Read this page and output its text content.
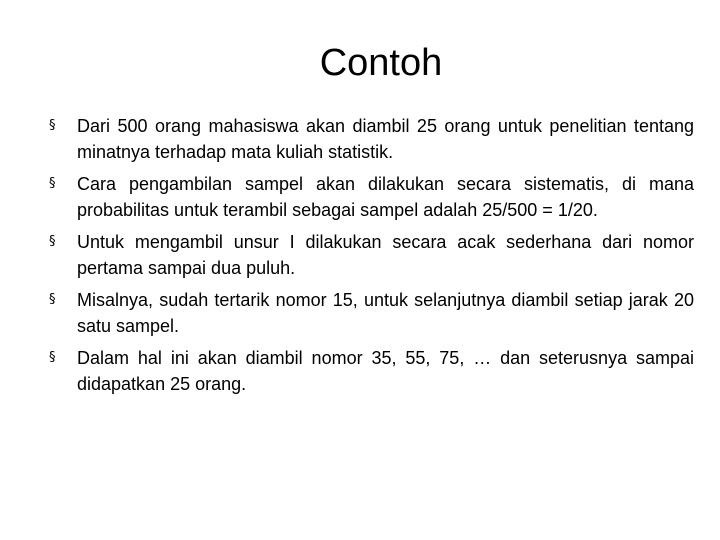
Contoh
§ Dari 500 orang mahasiswa akan diambil 25 orang untuk penelitian tentang minatnya terhadap mata kuliah statistik.
§ Cara pengambilan sampel akan dilakukan secara sistematis, di mana probabilitas untuk terambil sebagai sampel adalah 25/500 = 1/20.
§ Untuk mengambil unsur I dilakukan secara acak sederhana dari nomor pertama sampai dua puluh.
§ Misalnya, sudah tertarik nomor 15, untuk selanjutnya diambil setiap jarak 20 satu sampel.
§ Dalam hal ini akan diambil nomor 35, 55, 75, … dan seterusnya sampai didapatkan 25 orang.
